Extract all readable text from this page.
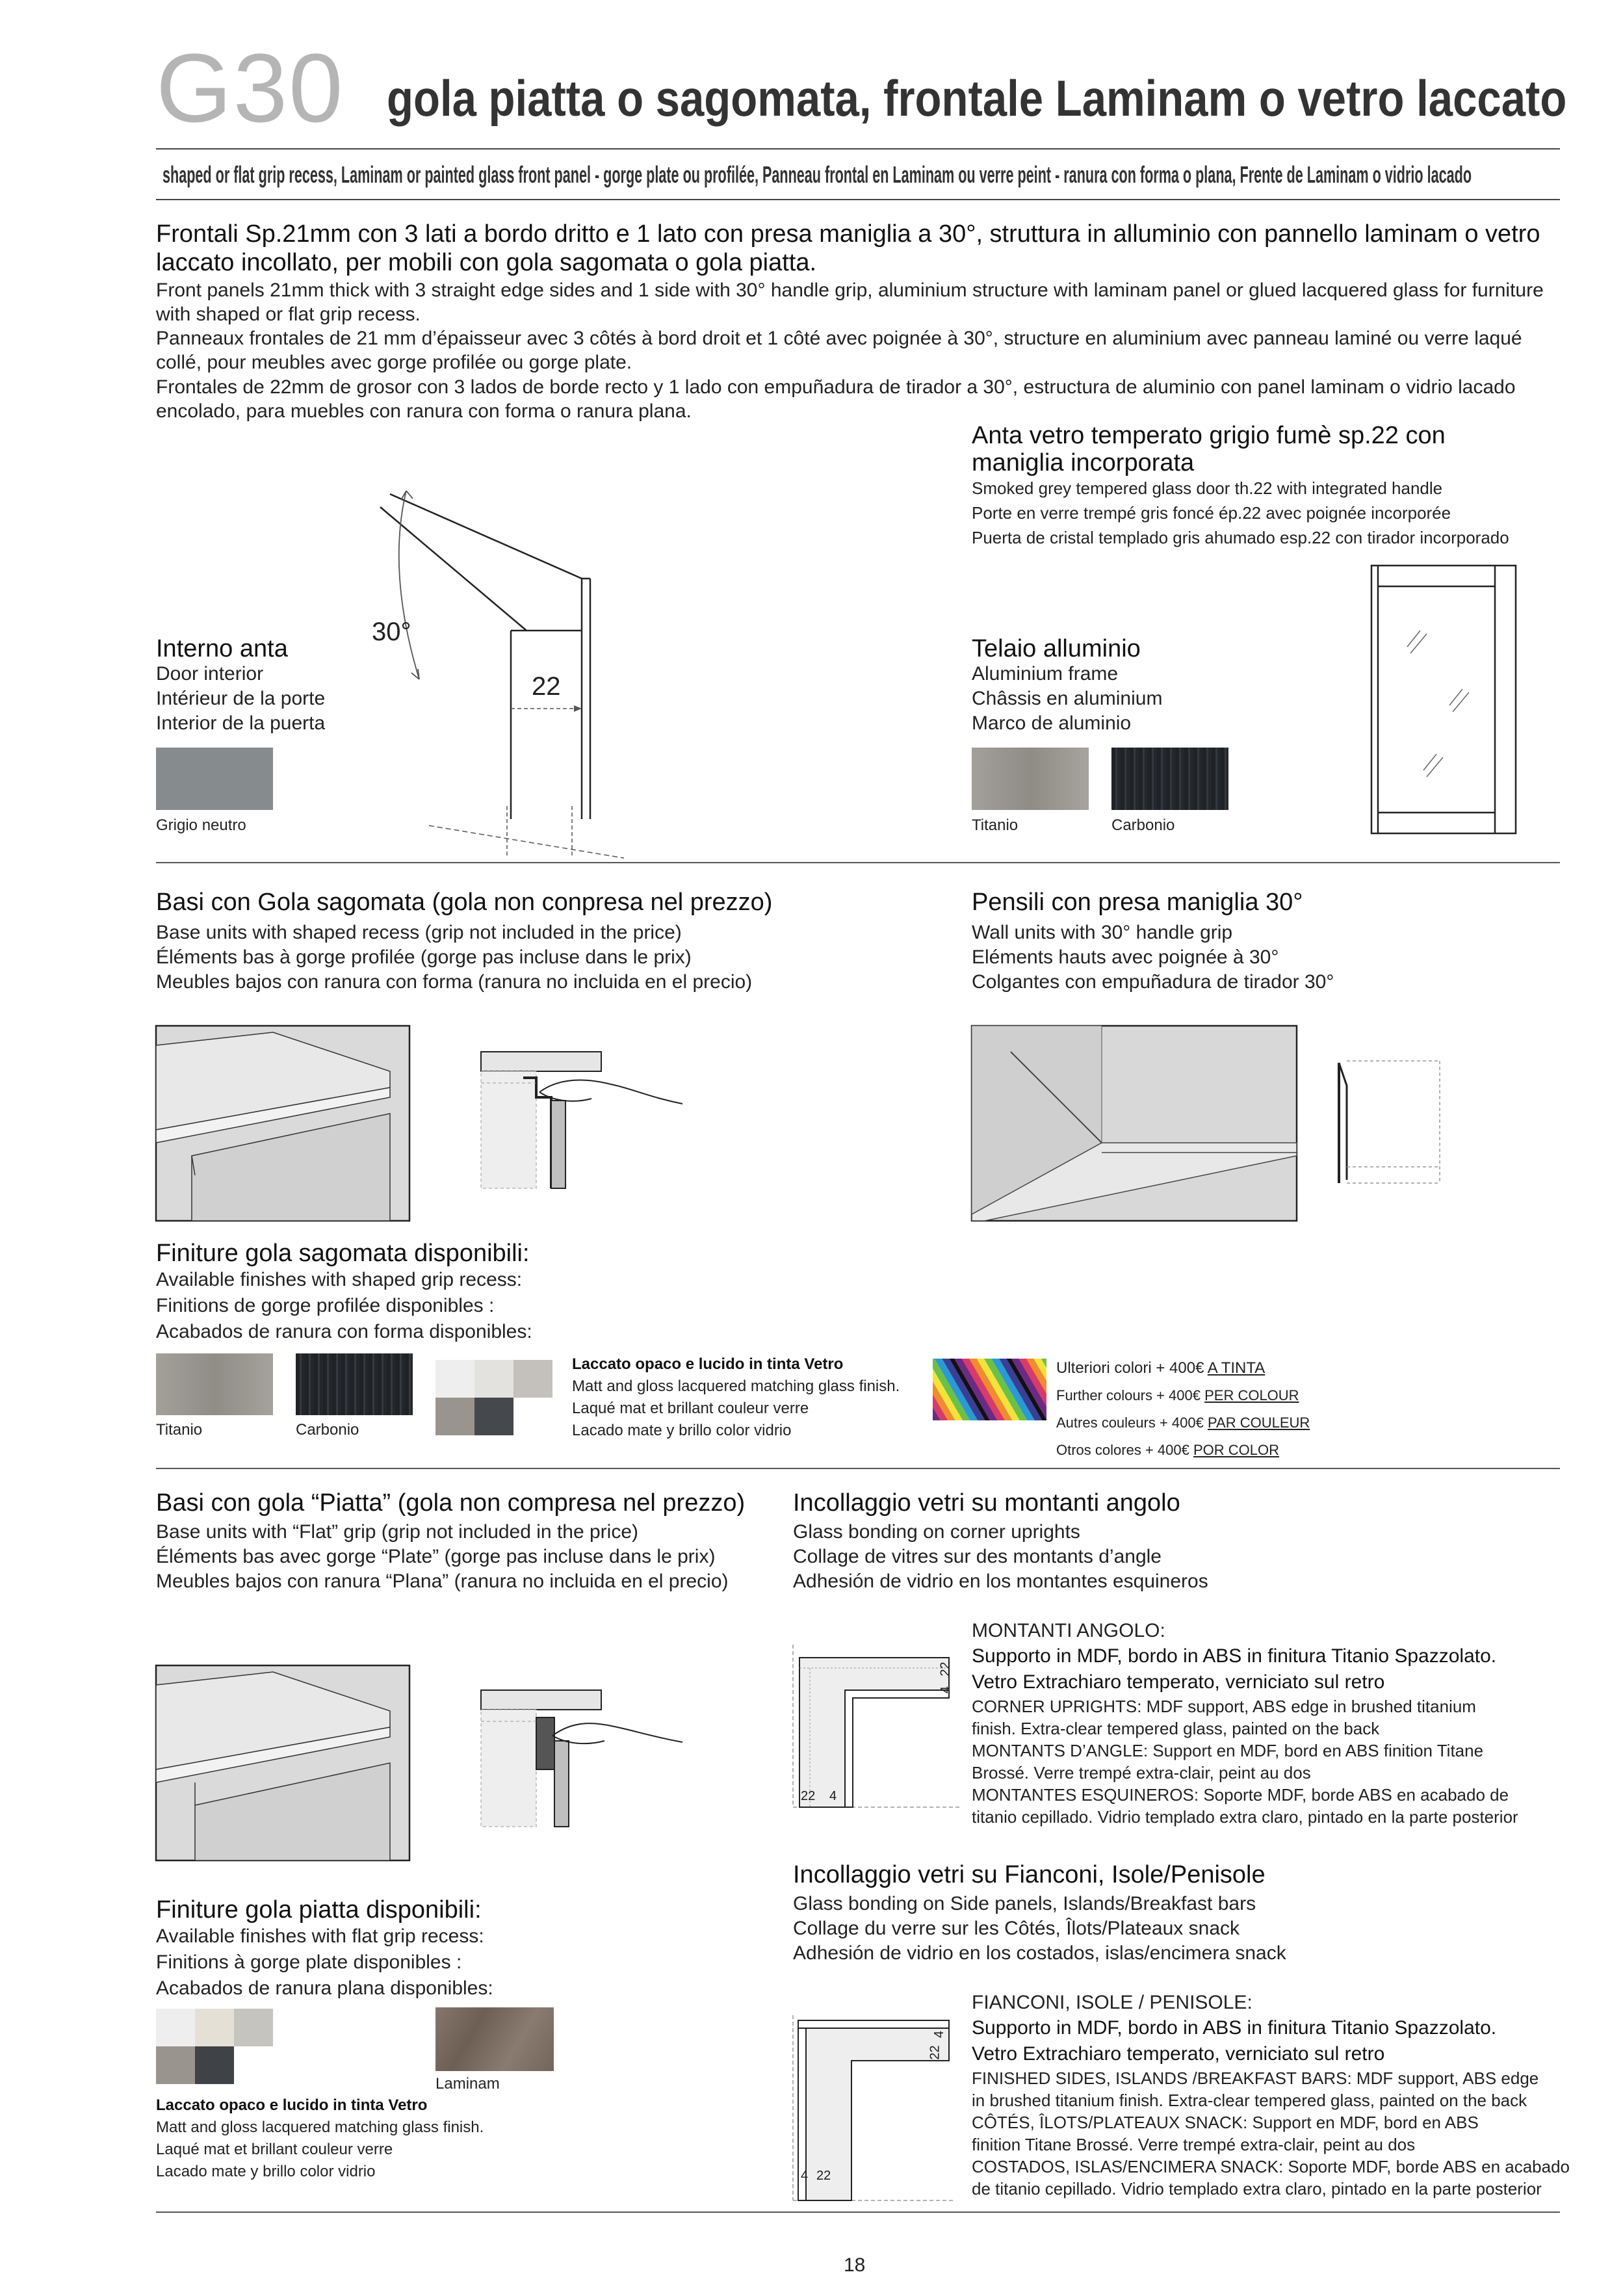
G30 gola piatta o sagomata, frontale Laminam o vetro laccato
shaped or flat grip recess, Laminam or painted glass front panel - gorge plate ou profilée, Panneau frontal en Laminam ou verre peint - ranura con forma o plana, Frente de Laminam o vidrio lacado
Frontali Sp.21mm con 3 lati a bordo dritto e 1 lato con presa maniglia a 30°, struttura in alluminio con pannello laminam o vetro laccato incollato, per mobili con gola sagomata o gola piatta.
Front panels 21mm thick with 3 straight edge sides and 1 side with 30° handle grip, aluminium structure with laminam panel or glued lacquered glass for furniture with shaped or flat grip recess.
Panneaux frontales de 21 mm d’épaisseur avec 3 côtés à bord droit et 1 côté avec poignée à 30°, structure en aluminium avec panneau laminé ou verre laqué collé, pour meubles avec gorge profilée ou gorge plate.
Frontales de 22mm de grosor con 3 lados de borde recto y 1 lado con empuñadura de tirador a 30°, estructura de aluminio con panel laminam o vidrio lacado encolado, para muebles con ranura con forma o ranura plana.
Interno anta
Door interior
Intérieur de la porte
Interior de la puerta
Grigio neutro
30°
22
Anta vetro temperato grigio fumè sp.22 con
maniglia incorporata
Smoked grey tempered glass door th.22 with integrated handle
Porte en verre trempé gris foncé ép.22 avec poignée incorporée
Puerta de cristal templado gris ahumado esp.22 con tirador incorporado
Telaio alluminio
Aluminium frame
Châssis en aluminium
Marco de aluminio
Titanio	Carbonio
Basi con Gola sagomata (gola non conpresa nel prezzo)
Base units with shaped recess (grip not included in the price)
Éléments bas à gorge profilée (gorge pas incluse dans le prix)
Meubles bajos con ranura con forma (ranura no incluida en el precio)
Pensili con presa maniglia 30°
Wall units with 30° handle grip
Eléments hauts avec poignée à 30°
Colgantes con empuñadura de tirador 30°
Finiture gola sagomata disponibili:
Available finishes with shaped grip recess:
Finitions de gorge profilée disponibles :
Acabados de ranura con forma disponibles:
Titanio	Carbonio
Laccato opaco e lucido in tinta Vetro
Matt and gloss lacquered matching glass finish.
Laqué mat et brillant couleur verre
Lacado mate y brillo color vidrio
Ulteriori colori + 400€ A TINTA
Further colours + 400€ PER COLOUR
Autres couleurs + 400€ PAR COULEUR
Otros colores + 400€ POR COLOR
Basi con gola “Piatta” (gola non compresa nel prezzo)
Base units with “Flat” grip (grip not included in the price)
Éléments bas avec gorge “Plate” (gorge pas incluse dans le prix)
Meubles bajos con ranura “Plana” (ranura no incluida en el precio)
Finiture gola piatta disponibili:
Available finishes with flat grip recess:
Finitions à gorge plate disponibles :
Acabados de ranura plana disponibles:
Laminam
Laccato opaco e lucido in tinta Vetro
Matt and gloss lacquered matching glass finish.
Laqué mat et brillant couleur verre
Lacado mate y brillo color vidrio
Incollaggio vetri su montanti angolo
Glass bonding on corner uprights
Collage de vitres sur des montants d’angle
Adhesión de vidrio en los montantes esquineros
22
4
22 4
MONTANTI ANGOLO:
Supporto in MDF, bordo in ABS in finitura Titanio Spazzolato.
Vetro Extrachiaro temperato, verniciato sul retro
CORNER UPRIGHTS: MDF support, ABS edge in brushed titanium
finish. Extra-clear tempered glass, painted on the back
MONTANTS D’ANGLE: Support en MDF, bord en ABS finition Titane
Brossé. Verre trempé extra-clair, peint au dos
MONTANTES ESQUINEROS: Soporte MDF, borde ABS en acabado de
titanio cepillado. Vidrio templado extra claro, pintado en la parte posterior
Incollaggio vetri su Fianconi, Isole/Penisole
Glass bonding on Side panels, Islands/Breakfast bars
Collage du verre sur les Côtés, Îlots/Plateaux snack
Adhesión de vidrio en los costados, islas/encimera snack
22
4
4 22
FIANCONI, ISOLE / PENISOLE:
Supporto in MDF, bordo in ABS in finitura Titanio Spazzolato.
Vetro Extrachiaro temperato, verniciato sul retro
FINISHED SIDES, ISLANDS /BREAKFAST BARS: MDF support, ABS edge
in brushed titanium finish. Extra-clear tempered glass, painted on the back
CÔTÉS, ÎLOTS/PLATEAUX SNACK: Support en MDF, bord en ABS
finition Titane Brossé. Verre trempé extra-clair, peint au dos
COSTADOS, ISLAS/ENCIMERA SNACK: Soporte MDF, borde ABS en acabado
de titanio cepillado. Vidrio templado extra claro, pintado en la parte posterior
18
